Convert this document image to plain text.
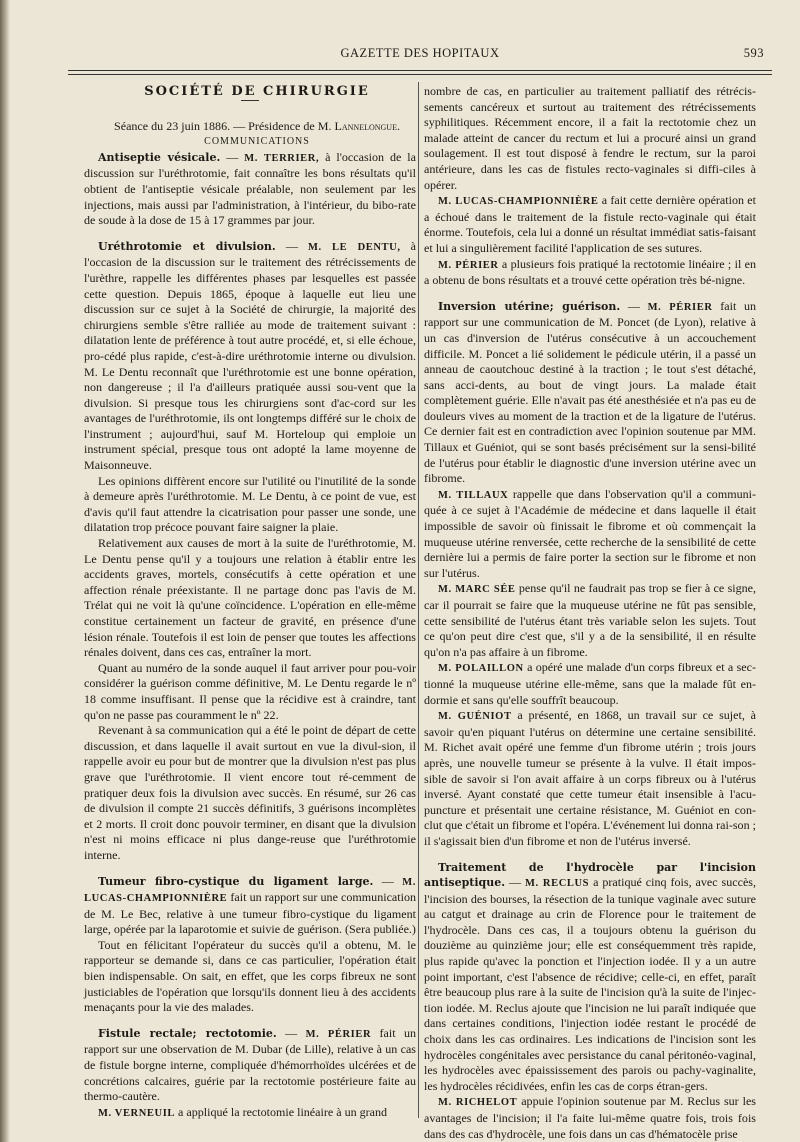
GAZETTE DES HOPITAUX	593

SOCIÉTÉ DE CHIRURGIE

Séance du 23 juin 1886. — Présidence de M. Lannelongue.

COMMUNICATIONS

Antiseptie vésicale. — M. TERRIER, à l'occasion de la discussion sur l'uréthrotomie, fait connaître les bons résultats qu'il obtient de l'antiseptie vésicale préalable, non seulement par les injections, mais aussi par l'administration, à l'intérieur, du bibo-rate de soude à la dose de 15 à 17 grammes par jour.

Uréthrotomie et divulsion. — M. LE DENTU, à l'occasion de la discussion sur le traitement des rétrécissements de l'urèthre, rappelle les différentes phases par lesquelles est passée cette question. Depuis 1865, époque à laquelle eut lieu une discussion sur ce sujet à la Société de chirurgie, la majorité des chirurgiens semble s'être ralliée au mode de traitement suivant : dilatation lente de préférence à tout autre procédé, et, si elle échoue, pro-cédé plus rapide, c'est-à-dire uréthrotomie interne ou divulsion. M. Le Dentu reconnaît que l'uréthrotomie est une bonne opération, non dangereuse ; il l'a d'ailleurs pratiquée aussi sou-vent que la divulsion. Si presque tous les chirurgiens sont d'ac-cord sur les avantages de l'uréthrotomie, ils ont longtemps différé sur le choix de l'instrument ; aujourd'hui, sauf M. Horteloup qui emploie un instrument spécial, presque tous ont adopté la lame moyenne de Maisonneuve.

Les opinions diffèrent encore sur l'utilité ou l'inutilité de la sonde à demeure après l'uréthrotomie. M. Le Dentu, à ce point de vue, est d'avis qu'il faut attendre la cicatrisation pour passer une sonde, une dilatation trop précoce pouvant faire saigner la plaie.

Relativement aux causes de mort à la suite de l'uréthrotomie, M. Le Dentu pense qu'il y a toujours une relation à établir entre les accidents graves, mortels, consécutifs à cette opération et une affection rénale préexistante. Il ne partage donc pas l'avis de M. Trélat qui ne voit là qu'une coïncidence. L'opération en elle-même constitue certainement un facteur de gravité, en présence d'une lésion rénale. Toutefois il est loin de penser que toutes les affections rénales doivent, dans ces cas, entraîner la mort.

Quant au numéro de la sonde auquel il faut arriver pour pou-voir considérer la guérison comme définitive, M. Le Dentu regarde le nº 18 comme insuffisant. Il pense que la récidive est à craindre, tant qu'on ne passe pas couramment le nº 22.

Revenant à sa communication qui a été le point de départ de cette discussion, et dans laquelle il avait surtout en vue la divul-sion, il rappelle avoir eu pour but de montrer que la divulsion n'est pas plus grave que l'uréthrotomie. Il vient encore tout ré-cemment de pratiquer deux fois la divulsion avec succès. En résumé, sur 26 cas de divulsion il compte 21 succès définitifs, 3 guérisons incomplètes et 2 morts. Il croit donc pouvoir terminer, en disant que la divulsion n'est ni moins efficace ni plus dange-reuse que l'uréthrotomie interne.

Tumeur fibro-cystique du ligament large. — M. LUCAS-CHAMPIONNIÈRE fait un rapport sur une communication de M. Le Bec, relative à une tumeur fibro-cystique du ligament large, opérée par la laparotomie et suivie de guérison. (Sera publiée.)

Tout en félicitant l'opérateur du succès qu'il a obtenu, M. le rapporteur se demande si, dans ce cas particulier, l'opération était bien indispensable. On sait, en effet, que les corps fibreux ne sont justiciables de l'opération que lorsqu'ils donnent lieu à des accidents menaçants pour la vie des malades.

Fistule rectale; rectotomie. — M. PÉRIER fait un rapport sur une observation de M. Dubar (de Lille), relative à un cas de fistule borgne interne, compliquée d'hémorrhoïdes ulcérées et de concrétions calcaires, guérie par la rectotomie postérieure faite au thermo-cautère.

M. VERNEUIL a appliqué la rectotomie linéaire à un grand

nombre de cas, en particulier au traitement palliatif des rétrécis-sements cancéreux et surtout au traitement des rétrécissements syphilitiques. Récemment encore, il a fait la rectotomie chez un malade atteint de cancer du rectum et lui a procuré ainsi un grand soulagement. Il est tout disposé à fendre le rectum, sur la paroi antérieure, dans les cas de fistules recto-vaginales si diffi-ciles à opérer.

M. LUCAS-CHAMPIONNIÈRE a fait cette dernière opération et a échoué dans le traitement de la fistule recto-vaginale qui était énorme. Toutefois, cela lui a donné un résultat immédiat satis-faisant et lui a singulièrement facilité l'application de ses sutures.

M. PÉRIER a plusieurs fois pratiqué la rectotomie linéaire ; il en a obtenu de bons résultats et a trouvé cette opération très bé-nigne.

Inversion utérine; guérison. — M. PÉRIER fait un rapport sur une communication de M. Poncet (de Lyon), relative à un cas d'inversion de l'utérus consécutive à un accouchement difficile. M. Poncet a lié solidement le pédicule utérin, il a passé un anneau de caoutchouc destiné à la traction ; le tout s'est détaché, sans acci-dents, au bout de vingt jours. La malade était complètement guérie. Elle n'avait pas été anesthésiée et n'a pas eu de douleurs vives au moment de la traction et de la ligature de l'utérus. Ce dernier fait est en contradiction avec l'opinion soutenue par MM. Tillaux et Guéniot, qui se sont basés précisément sur la sensi-bilité de l'utérus pour établir le diagnostic d'une inversion utérine avec un fibrome.

M. TILLAUX rappelle que dans l'observation qu'il a communi-quée à ce sujet à l'Académie de médecine et dans laquelle il était impossible de savoir où finissait le fibrome et où commençait la muqueuse utérine renversée, cette recherche de la sensibilité de cette dernière lui a permis de faire porter la section sur le fibrome et non sur l'utérus.

M. MARC SÉE pense qu'il ne faudrait pas trop se fier à ce signe, car il pourrait se faire que la muqueuse utérine ne fût pas sensible, cette sensibilité de l'utérus étant très variable selon les sujets. Tout ce qu'on peut dire c'est que, s'il y a de la sensibilité, il en résulte qu'on n'a pas affaire à un fibrome.

M. POLAILLON a opéré une malade d'un corps fibreux et a sec-tionné la muqueuse utérine elle-même, sans que la malade fût en-dormie et sans qu'elle souffrît beaucoup.

M. GUÉNIOT a présenté, en 1868, un travail sur ce sujet, à savoir qu'en piquant l'utérus on détermine une certaine sensibilité. M. Richet avait opéré une femme d'un fibrome utérin ; trois jours après, une nouvelle tumeur se présente à la vulve. Il était impos-sible de savoir si l'on avait affaire à un corps fibreux ou à l'utérus inversé. Ayant constaté que cette tumeur était insensible à l'acu-puncture et présentait une certaine résistance, M. Guéniot en con-clut que c'était un fibrome et l'opéra. L'événement lui donna rai-son ; il s'agissait bien d'un fibrome et non de l'utérus inversé.

Traitement de l'hydrocèle par l'incision antiseptique. — M. RECLUS a pratiqué cinq fois, avec succès, l'incision des bourses, la résection de la tunique vaginale avec suture au catgut et drainage au crin de Florence pour le traitement de l'hydrocèle. Dans ces cas, il a toujours obtenu la guérison du douzième au quinzième jour; elle est conséquemment très rapide, plus rapide qu'avec la ponction et l'injection iodée. Il y a un autre point important, c'est l'absence de récidive; celle-ci, en effet, paraît être beaucoup plus rare à la suite de l'incision qu'à la suite de l'injec-tion iodée. M. Reclus ajoute que l'incision ne lui paraît indiquée que dans certaines conditions, l'injection iodée restant le procédé de choix dans les cas ordinaires. Les indications de l'incision sont les hydrocèles congénitales avec persistance du canal péritonéo-vaginal, les hydrocèles avec épaississement des parois ou pachy-vaginalite, les hydrocèles récidivées, enfin les cas de corps étran-gers.

M. RICHELOT appuie l'opinion soutenue par M. Reclus sur les avantages de l'incision; il l'a faite lui-même quatre fois, trois fois dans des cas d'hydrocèle, une fois dans un cas d'hématocèle prise
